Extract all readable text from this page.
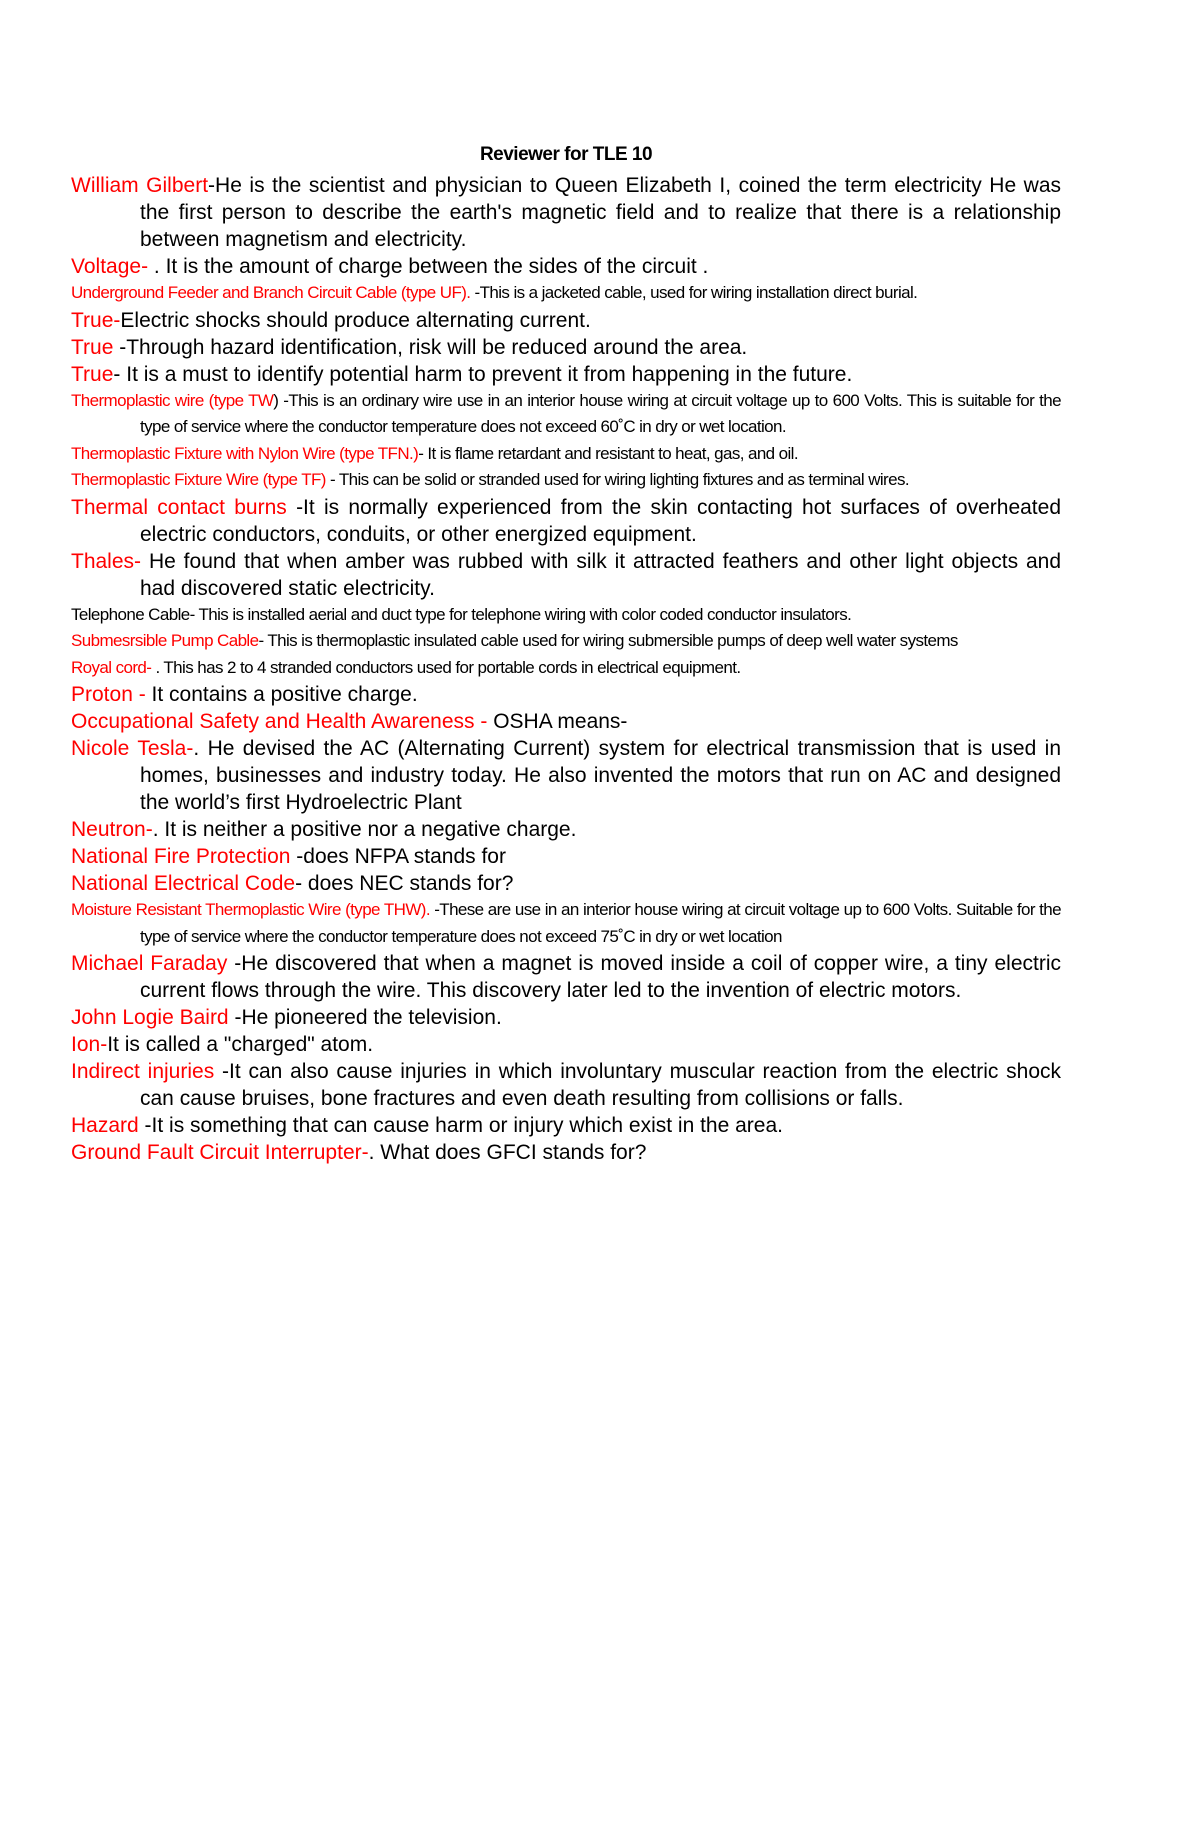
Reviewer for TLE 10

William Gilbert-He is the scientist and physician to Queen Elizabeth I, coined the term electricity He was the first person to describe the earth's magnetic field and to realize that there is a relationship between magnetism and electricity.

Voltage- . It is the amount of charge between the sides of the circuit .

Underground Feeder and Branch Circuit Cable (type UF). -This is a jacketed cable, used for wiring installation direct burial.

True-Electric shocks should produce alternating current.

True -Through hazard identification, risk will be reduced around the area.

True- It is a must to identify potential harm to prevent it from happening in the future.

Thermoplastic wire (type TW) -This is an ordinary wire use in an interior house wiring at circuit voltage up to 600 Volts. This is suitable for the type of service where the conductor temperature does not exceed 60˚C in dry or wet location.

Thermoplastic Fixture with Nylon Wire (type TFN.)- It is flame retardant and resistant to heat, gas, and oil.

Thermoplastic Fixture Wire (type TF) - This can be solid or stranded used for wiring lighting fixtures and as terminal wires.

Thermal contact burns -It is normally experienced from the skin contacting hot surfaces of overheated electric conductors, conduits, or other energized equipment.

Thales- He found that when amber was rubbed with silk it attracted feathers and other light objects and had discovered static electricity.

Telephone Cable- This is installed aerial and duct type for telephone wiring with color coded conductor insulators.

Submesrsible Pump Cable- This is thermoplastic insulated cable used for wiring submersible pumps of deep well water systems

Royal cord- . This has 2 to 4 stranded conductors used for portable cords in electrical equipment.

Proton - It contains a positive charge.

Occupational Safety and Health Awareness - OSHA means-

Nicole Tesla-. He devised the AC (Alternating Current) system for electrical transmission that is used in homes, businesses and industry today. He also invented the motors that run on AC and designed the world’s first Hydroelectric Plant

Neutron-. It is neither a positive nor a negative charge.

National Fire Protection -does NFPA stands for

National Electrical Code- does NEC stands for?

Moisture Resistant Thermoplastic Wire (type THW). -These are use in an interior house wiring at circuit voltage up to 600 Volts. Suitable for the type of service where the conductor temperature does not exceed 75˚C in dry or wet location

Michael Faraday -He discovered that when a magnet is moved inside a coil of copper wire, a tiny electric current flows through the wire. This discovery later led to the invention of electric motors.

John Logie Baird -He pioneered the television.

Ion-It is called a "charged" atom.

Indirect injuries -It can also cause injuries in which involuntary muscular reaction from the electric shock can cause bruises, bone fractures and even death resulting from collisions or falls.

Hazard -It is something that can cause harm or injury which exist in the area.

Ground Fault Circuit Interrupter-. What does GFCI stands for?
